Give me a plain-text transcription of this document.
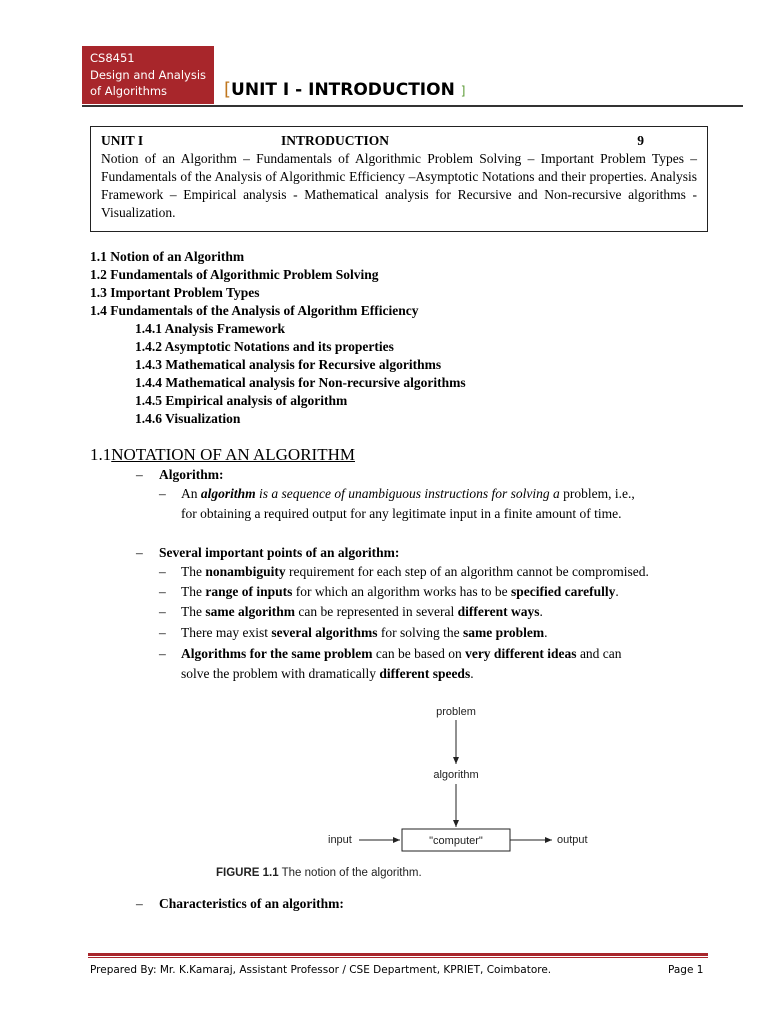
CS8451
Design and Analysis
of Algorithms	[UNIT I - INTRODUCTION ]
UNIT I	INTRODUCTION	9
Notion of an Algorithm – Fundamentals of Algorithmic Problem Solving – Important Problem Types – Fundamentals of the Analysis of Algorithmic Efficiency –Asymptotic Notations and their properties. Analysis Framework – Empirical analysis - Mathematical analysis for Recursive and Non-recursive algorithms - Visualization.
1.1 Notion of an Algorithm
1.2 Fundamentals of Algorithmic Problem Solving
1.3 Important Problem Types
1.4 Fundamentals of the Analysis of Algorithm Efficiency
1.4.1 Analysis Framework
1.4.2 Asymptotic Notations and its properties
1.4.3 Mathematical analysis for Recursive algorithms
1.4.4 Mathematical analysis for Non-recursive algorithms
1.4.5 Empirical analysis of algorithm
1.4.6 Visualization
1.1NOTATION OF AN ALGORITHM
– Algorithm:
– An algorithm is a sequence of unambiguous instructions for solving a problem, i.e.,
for obtaining a required output for any legitimate input in a finite amount of time.
– Several important points of an algorithm:
– The nonambiguity requirement for each step of an algorithm cannot be compromised.
– The range of inputs for which an algorithm works has to be specified carefully.
– The same algorithm can be represented in several different ways.
– There may exist several algorithms for solving the same problem.
– Algorithms for the same problem can be based on very different ideas and can
solve the problem with dramatically different speeds.
problem
algorithm
input	"computer"	output
FIGURE 1.1 The notion of the algorithm.
– Characteristics of an algorithm:
Prepared By: Mr. K.Kamaraj, Assistant Professor / CSE Department, KPRIET, Coimbatore.	Page 1
